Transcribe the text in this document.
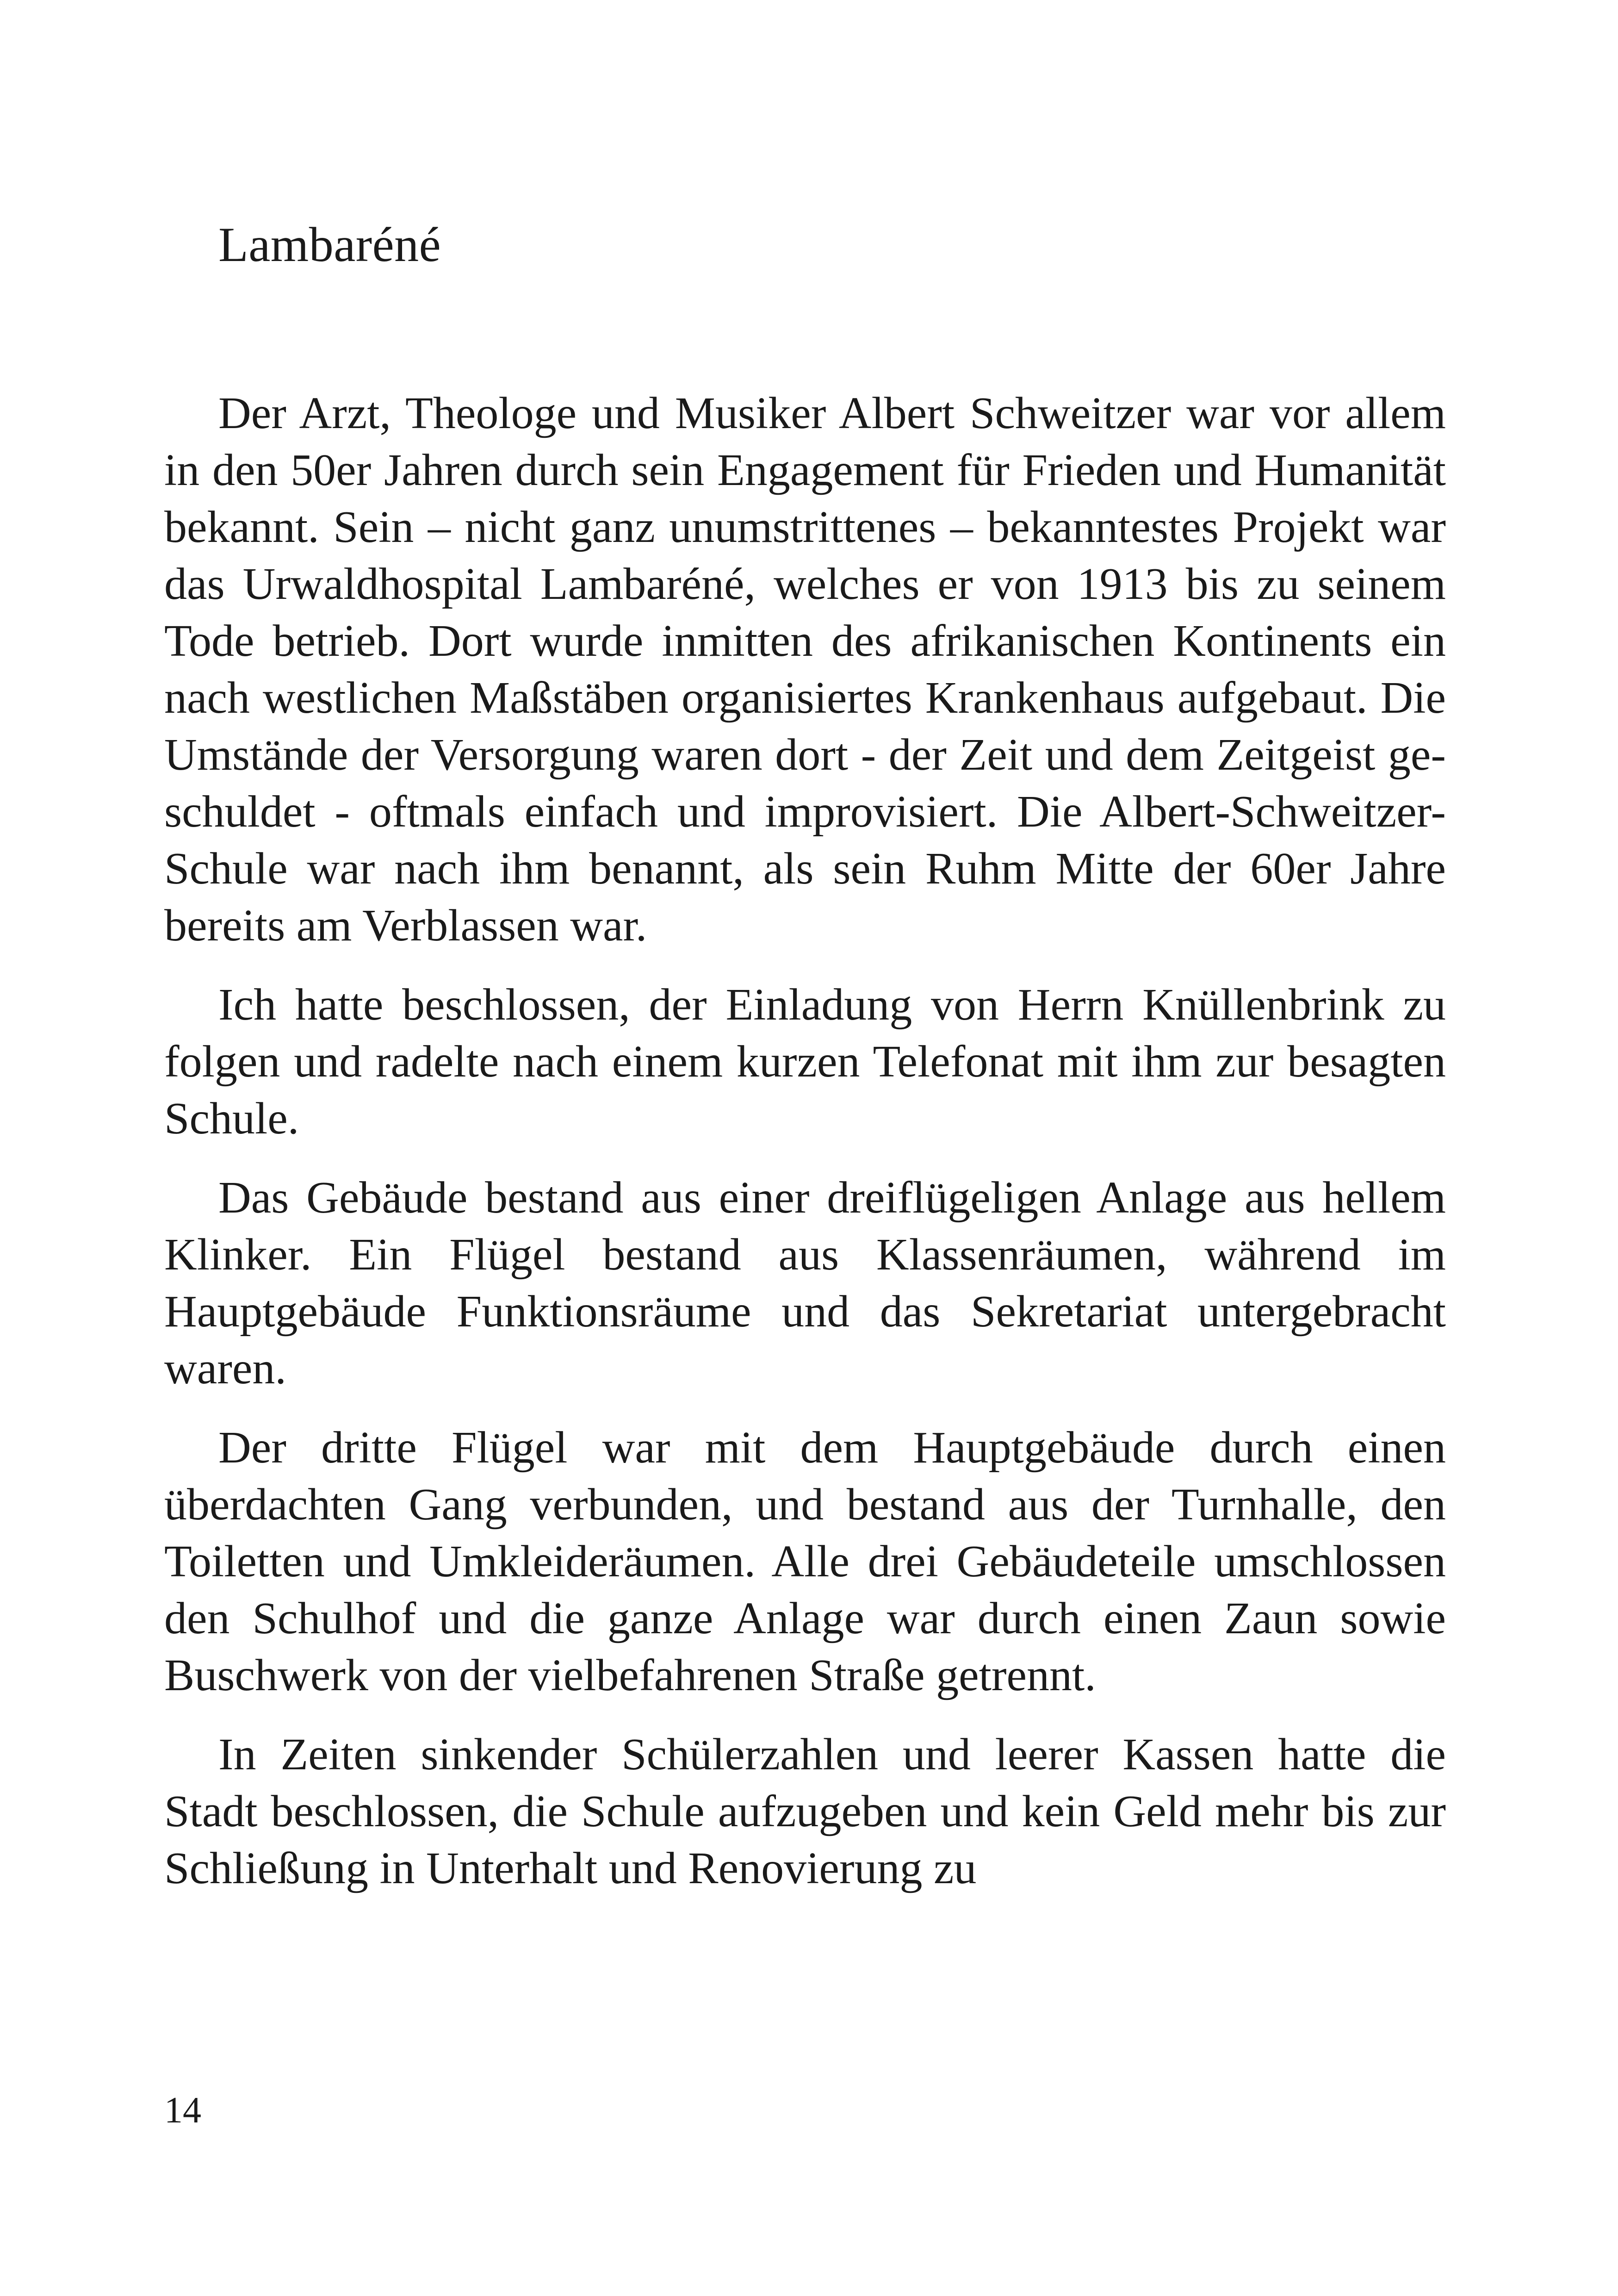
Lambaréné

Der Arzt, Theologe und Musiker Albert Schweitzer war vor allem in den 50er Jahren durch sein Engagement für Frieden und Humanität bekannt. Sein – nicht ganz unumstrittenes – bekanntestes Projekt war das Urwaldhospital Lambaréné, welches er von 1913 bis zu seinem Tode betrieb. Dort wurde inmitten des afrikanischen Kontinents ein nach westlichen Maßstäben organisiertes Krankenhaus aufgebaut. Die Umstände der Versorgung waren dort - der Zeit und dem Zeitgeist geschuldet - oftmals einfach und improvisiert. Die Albert-Schweitzer-Schule war nach ihm benannt, als sein Ruhm Mitte der 60er Jahre bereits am Verblassen war.

Ich hatte beschlossen, der Einladung von Herrn Knüllenbrink zu folgen und radelte nach einem kurzen Telefonat mit ihm zur besagten Schule.

Das Gebäude bestand aus einer dreiflügeligen Anlage aus hellem Klinker. Ein Flügel bestand aus Klassenräumen, während im Hauptgebäude Funktionsräume und das Sekretariat untergebracht waren.

Der dritte Flügel war mit dem Hauptgebäude durch einen überdachten Gang verbunden, und bestand aus der Turnhalle, den Toiletten und Umkleideräumen. Alle drei Gebäudeteile umschlossen den Schulhof und die ganze Anlage war durch einen Zaun sowie Buschwerk von der vielbefahrenen Straße getrennt.

In Zeiten sinkender Schülerzahlen und leerer Kassen hatte die Stadt beschlossen, die Schule aufzugeben und kein Geld mehr bis zur Schließung in Unterhalt und Renovierung zu

14
